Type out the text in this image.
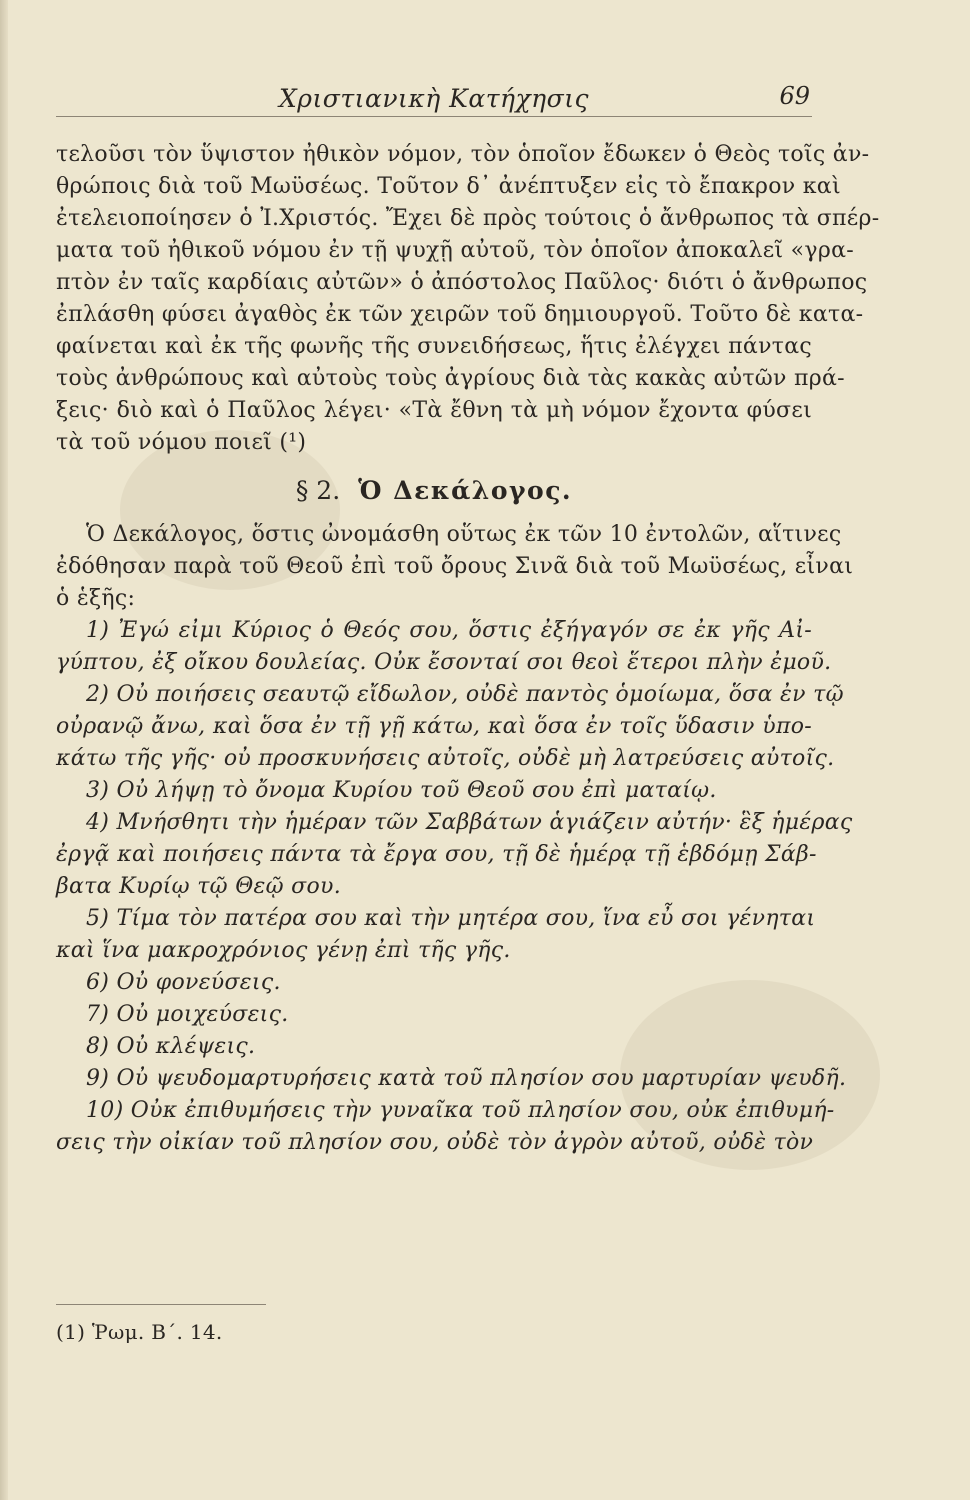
Χριστιανικὴ Κατήχησις	69
τελοῦσι τὸν ὕψιστον ἠθικὸν νόμον, τὸν ὁποῖον ἔδωκεν ὁ Θεὸς τοῖς ἀν-
θρώποις διὰ τοῦ Μωϋσέως. Τοῦτον δ᾽ ἀνέπτυξεν εἰς τὸ ἔπακρον καὶ
ἐτελειοποίησεν ὁ Ἰ.Χριστός. Ἔχει δὲ πρὸς τούτοις ὁ ἄνθρωπος τὰ σπέρ-
ματα τοῦ ἠθικοῦ νόμου ἐν τῇ ψυχῇ αὐτοῦ, τὸν ὁποῖον ἀποκαλεῖ «γρα-
πτὸν ἐν ταῖς καρδίαις αὐτῶν» ὁ ἀπόστολος Παῦλος· διότι ὁ ἄνθρωπος
ἐπλάσθη φύσει ἀγαθὸς ἐκ τῶν χειρῶν τοῦ δημιουργοῦ. Τοῦτο δὲ κατα-
φαίνεται καὶ ἐκ τῆς φωνῆς τῆς συνειδήσεως, ἥτις ἐλέγχει πάντας
τοὺς ἀνθρώπους καὶ αὐτοὺς τοὺς ἀγρίους διὰ τὰς κακὰς αὐτῶν πρά-
ξεις· διὸ καὶ ὁ Παῦλος λέγει· «Τὰ ἔθνη τὰ μὴ νόμον ἔχοντα φύσει
τὰ τοῦ νόμου ποιεῖ (¹)
§ 2. Ὁ Δεκάλογος.
Ὁ Δεκάλογος, ὅστις ὠνομάσθη οὕτως ἐκ τῶν 10 ἐντολῶν, αἵτινες
ἐδόθησαν παρὰ τοῦ Θεοῦ ἐπὶ τοῦ ὄρους Σινᾶ διὰ τοῦ Μωϋσέως, εἶναι
ὁ ἑξῆς:
1) Ἐγώ εἰμι Κύριος ὁ Θεός σου, ὅστις ἐξήγαγόν σε ἐκ γῆς Αἰ-
γύπτου, ἐξ οἴκου δουλείας. Οὐκ ἔσονταί σοι θεοὶ ἕτεροι πλὴν ἐμοῦ.
2) Οὐ ποιήσεις σεαυτῷ εἴδωλον, οὐδὲ παντὸς ὁμοίωμα, ὅσα ἐν τῷ
οὐρανῷ ἄνω, καὶ ὅσα ἐν τῇ γῇ κάτω, καὶ ὅσα ἐν τοῖς ὕδασιν ὑπο-
κάτω τῆς γῆς· οὐ προσκυνήσεις αὐτοῖς, οὐδὲ μὴ λατρεύσεις αὐτοῖς.
3) Οὐ λήψῃ τὸ ὄνομα Κυρίου τοῦ Θεοῦ σου ἐπὶ ματαίῳ.
4) Μνήσθητι τὴν ἡμέραν τῶν Σαββάτων ἁγιάζειν αὐτήν· ἓξ ἡμέρας
ἐργᾷ καὶ ποιήσεις πάντα τὰ ἔργα σου, τῇ δὲ ἡμέρᾳ τῇ ἑβδόμῃ Σάβ-
βατα Κυρίῳ τῷ Θεῷ σου.
5) Τίμα τὸν πατέρα σου καὶ τὴν μητέρα σου, ἵνα εὖ σοι γένηται
καὶ ἵνα μακροχρόνιος γένῃ ἐπὶ τῆς γῆς.
6) Οὐ φονεύσεις.
7) Οὐ μοιχεύσεις.
8) Οὐ κλέψεις.
9) Οὐ ψευδομαρτυρήσεις κατὰ τοῦ πλησίον σου μαρτυρίαν ψευδῆ.
10) Οὐκ ἐπιθυμήσεις τὴν γυναῖκα τοῦ πλησίον σου, οὐκ ἐπιθυμή-
σεις τὴν οἰκίαν τοῦ πλησίον σου, οὐδὲ τὸν ἀγρὸν αὐτοῦ, οὐδὲ τὸν
(1) Ῥωμ. Β΄. 14.
